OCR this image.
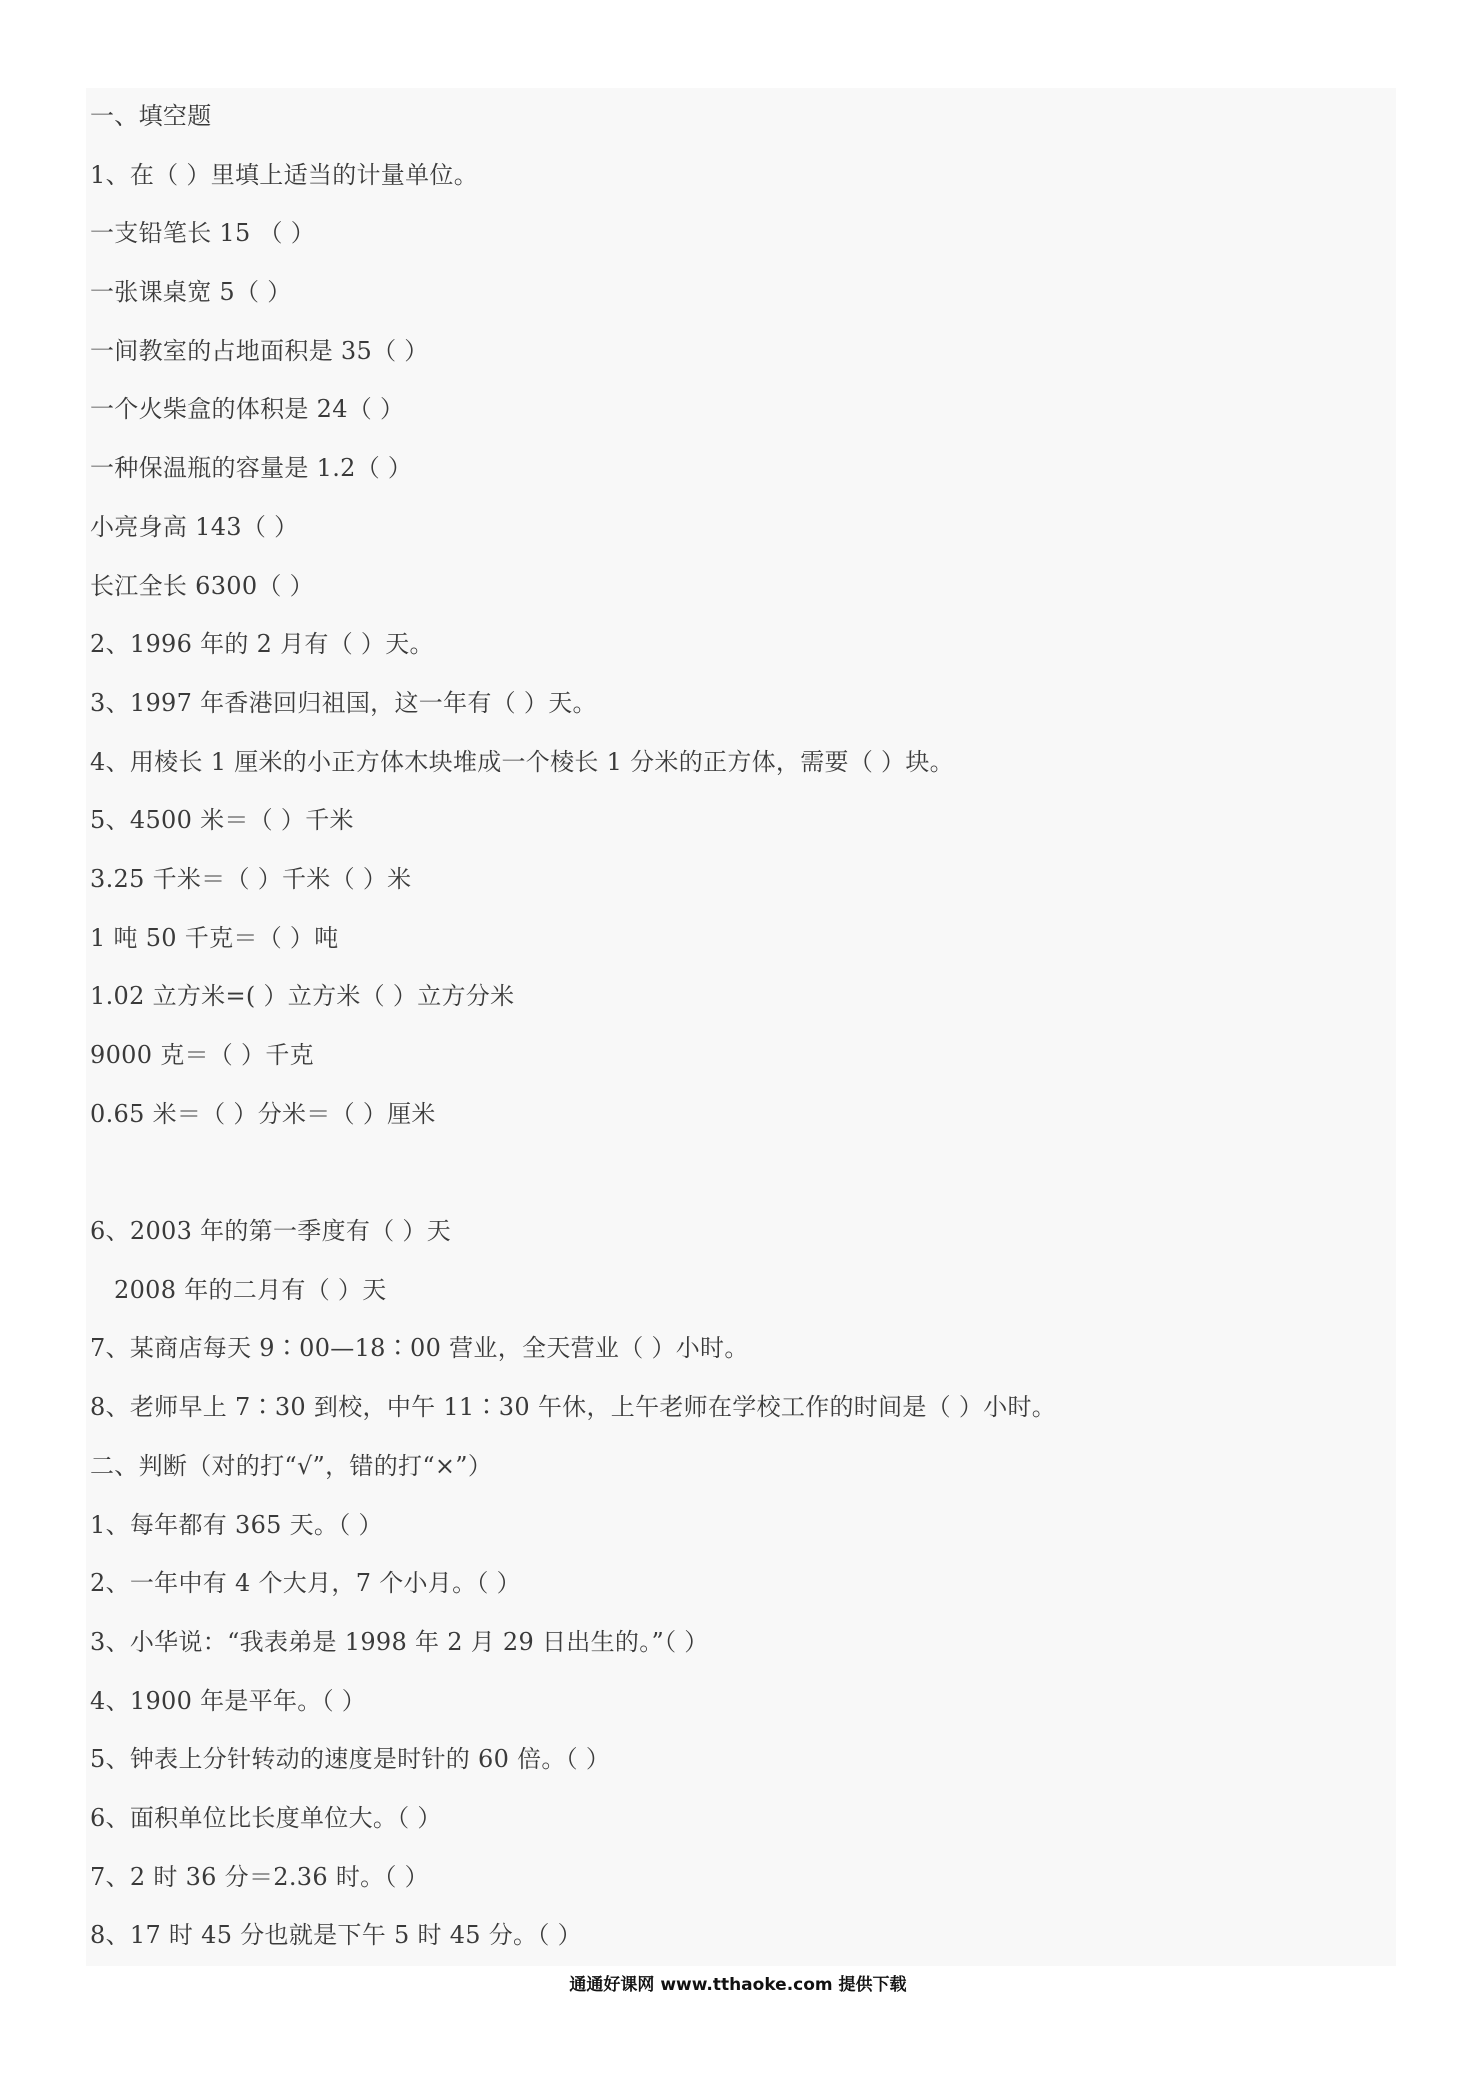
一、填空题
1、在（ ）里填上适当的计量单位。
一支铅笔长 15 （ ）
一张课桌宽 5（ ）
一间教室的占地面积是 35（ ）
一个火柴盒的体积是 24（ ）
一种保温瓶的容量是 1.2（ ）
小亮身高 143（ ）
长江全长 6300（ ）
2、1996 年的 2 月有（ ）天。
3、1997 年香港回归祖国，这一年有（ ）天。
4、用棱长 1 厘米的小正方体木块堆成一个棱长 1 分米的正方体，需要（ ）块。
5、4500 米＝（ ）千米
3.25 千米＝（ ）千米（ ）米
1 吨 50 千克＝（ ）吨
1.02 立方米=( ）立方米（ ）立方分米
9000 克＝（ ）千克
0.65 米＝（ ）分米＝（ ）厘米
6、2003 年的第一季度有（ ）天
2008 年的二月有（ ）天
7、某商店每天 9∶00—18∶00 营业，全天营业（ ）小时。
8、老师早上 7∶30 到校，中午 11∶30 午休，上午老师在学校工作的时间是（ ）小时。
二、判断（对的打“√”，错的打“×”）
1、每年都有 365 天。（ ）
2、一年中有 4 个大月，7 个小月。（ ）
3、小华说：“我表弟是 1998 年 2 月 29 日出生的。”（ ）
4、1900 年是平年。（ ）
5、钟表上分针转动的速度是时针的 60 倍。（ ）
6、面积单位比长度单位大。（ ）
7、2 时 36 分＝2.36 时。（ ）
8、17 时 45 分也就是下午 5 时 45 分。（ ）
通通好课网 www.tthaoke.com 提供下载
